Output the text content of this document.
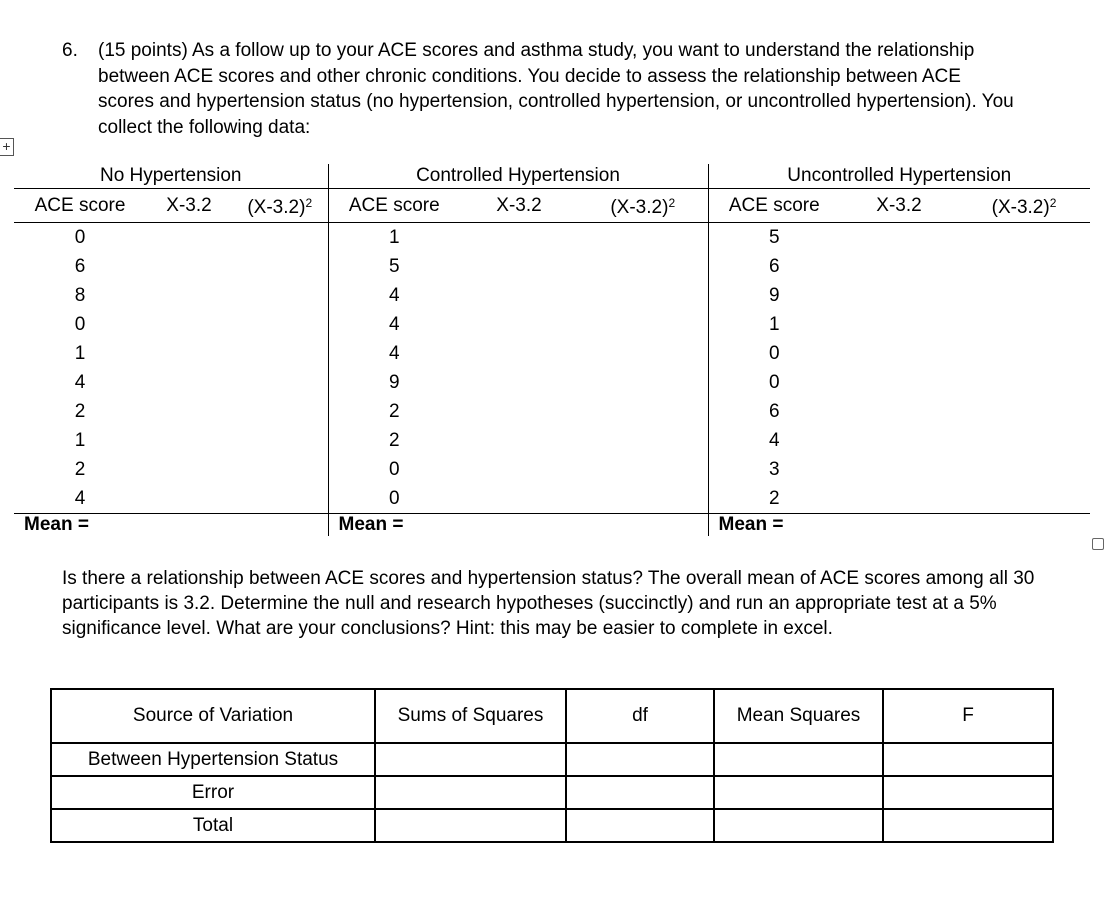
6. (15 points) As a follow up to your ACE scores and asthma study, you want to understand the relationship between ACE scores and other chronic conditions. You decide to assess the relationship between ACE scores and hypertension status (no hypertension, controlled hypertension, or uncontrolled hypertension). You collect the following data:
+
No Hypertension			Controlled Hypertension			Uncontrolled Hypertension		
ACE score	X-3.2	$(X-3.2)^2$	ACE score	X-3.2	$(X-3.2)^2$	ACE score	X-3.2	$(X-3.2)^2$
0			1			5		
6			5			6		
8			4			9		
0			4			1		
1			4			0		
4			9			0		
2			2			6		
1			2			4		
2			0			3		
4			0			2		
Mean =			Mean =			Mean =		
Is there a relationship between ACE scores and hypertension status? The overall mean of ACE scores among all 30 participants is 3.2. Determine the null and research hypotheses (succinctly) and run an appropriate test at a 5% significance level. What are your conclusions? Hint: this may be easier to complete in excel.
Source of Variation	Sums of Squares	df	Mean Squares	F
Between Hypertension Status				
Error				
Total				
